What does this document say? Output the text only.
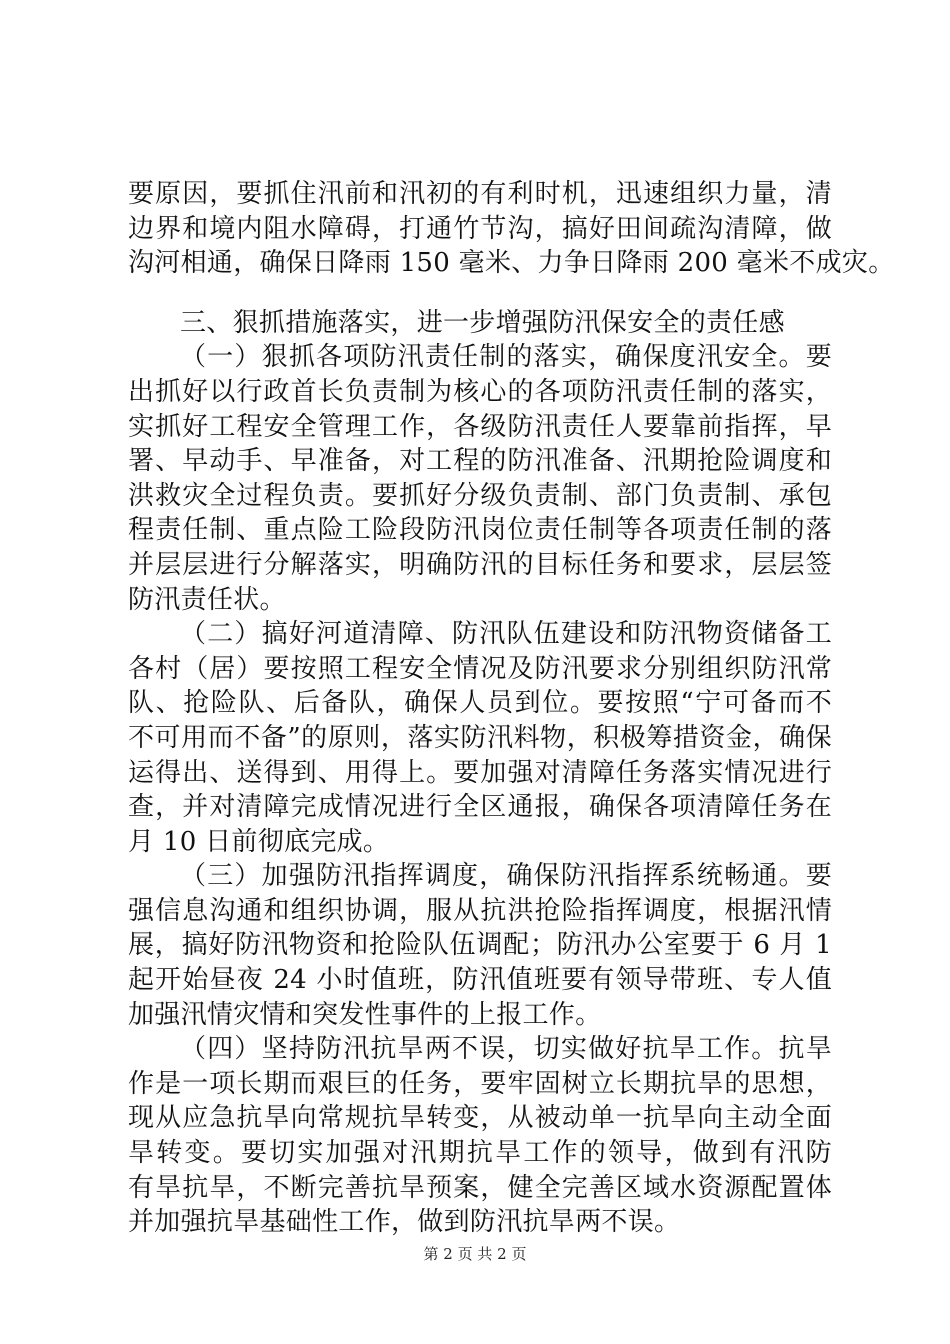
要原因，要抓住汛前和汛初的有利时机，迅速组织力量，清
边界和境内阻水障碍，打通竹节沟，搞好田间疏沟清障，做
沟河相通，确保日降雨 150 毫米、力争日降雨 200 毫米不成灾。
三、狠抓措施落实，进一步增强防汛保安全的责任感
（一）狠抓各项防汛责任制的落实，确保度汛安全。要
出抓好以行政首长负责制为核心的各项防汛责任制的落实，
实抓好工程安全管理工作，各级防汛责任人要靠前指挥，早
署、早动手、早准备，对工程的防汛准备、汛期抢险调度和
洪救灾全过程负责。要抓好分级负责制、部门负责制、承包
程责任制、重点险工险段防汛岗位责任制等各项责任制的落
并层层进行分解落实，明确防汛的目标任务和要求，层层签
防汛责任状。
（二）搞好河道清障、防汛队伍建设和防汛物资储备工
各村（居）要按照工程安全情况及防汛要求分别组织防汛常
队、抢险队、后备队，确保人员到位。要按照“宁可备而不
不可用而不备”的原则，落实防汛料物，积极筹措资金，确保
运得出、送得到、用得上。要加强对清障任务落实情况进行
查，并对清障完成情况进行全区通报，确保各项清障任务在
月 10 日前彻底完成。
（三）加强防汛指挥调度，确保防汛指挥系统畅通。要
强信息沟通和组织协调，服从抗洪抢险指挥调度，根据汛情
展，搞好防汛物资和抢险队伍调配；防汛办公室要于 6 月 1
起开始昼夜 24 小时值班，防汛值班要有领导带班、专人值
加强汛情灾情和突发性事件的上报工作。
（四）坚持防汛抗旱两不误，切实做好抗旱工作。抗旱
作是一项长期而艰巨的任务，要牢固树立长期抗旱的思想，
现从应急抗旱向常规抗旱转变，从被动单一抗旱向主动全面
旱转变。要切实加强对汛期抗旱工作的领导，做到有汛防
有旱抗旱，不断完善抗旱预案，健全完善区域水资源配置体
并加强抗旱基础性工作，做到防汛抗旱两不误。
第 2 页 共 2 页
